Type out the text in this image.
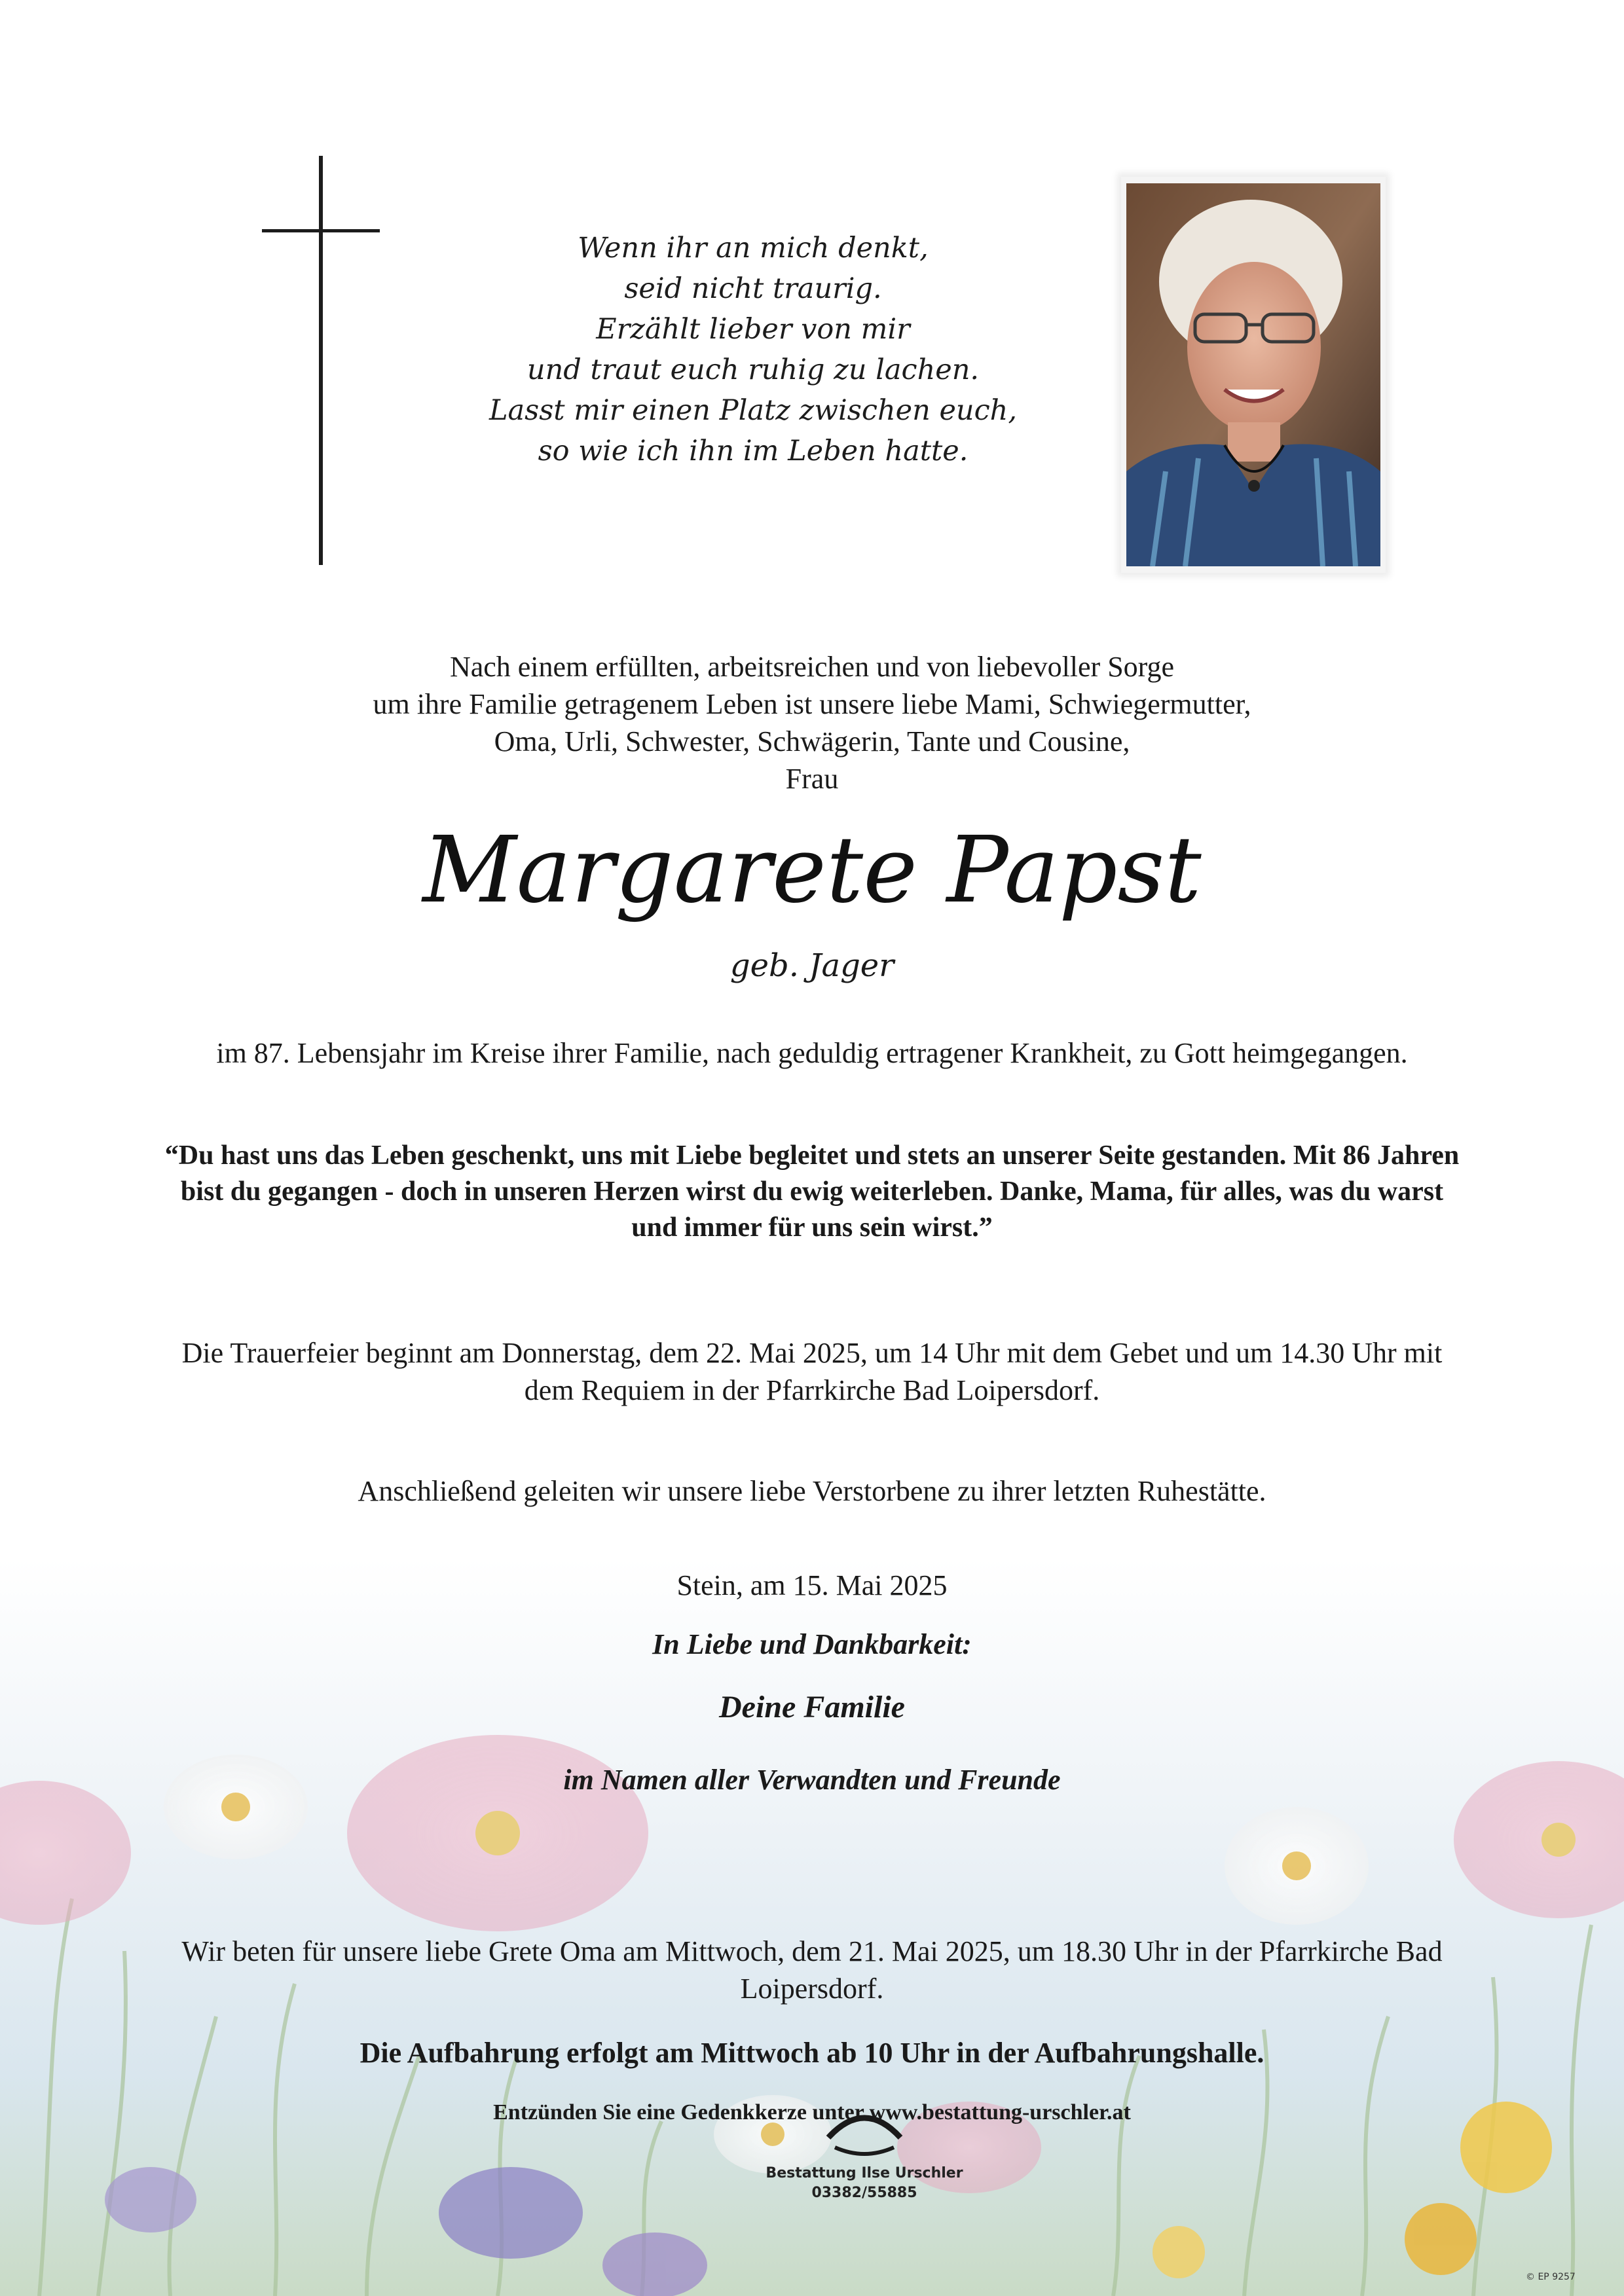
Wenn ihr an mich denkt,
seid nicht traurig.
Erzählt lieber von mir
und traut euch ruhig zu lachen.
Lasst mir einen Platz zwischen euch,
so wie ich ihn im Leben hatte.
Nach einem erfüllten, arbeitsreichen und von liebevoller Sorge
um ihre Familie getragenem Leben ist unsere liebe Mami, Schwiegermutter,
Oma, Urli, Schwester, Schwägerin, Tante und Cousine,
Frau
Margarete Papst
geb. Jager
im 87. Lebensjahr im Kreise ihrer Familie, nach geduldig ertragener Krankheit, zu Gott heimgegangen.
“Du hast uns das Leben geschenkt, uns mit Liebe begleitet und stets an unserer Seite gestanden. Mit 86 Jahren bist du gegangen - doch in unseren Herzen wirst du ewig weiterleben. Danke, Mama, für alles, was du warst und immer für uns sein wirst.”
Die Trauerfeier beginnt am Donnerstag, dem 22. Mai 2025, um 14 Uhr mit dem Gebet und um 14.30 Uhr mit dem Requiem in der Pfarrkirche Bad Loipersdorf.
Anschließend geleiten wir unsere liebe Verstorbene zu ihrer letzten Ruhestätte.
Stein, am 15. Mai 2025
In Liebe und Dankbarkeit:
Deine Familie
im Namen aller Verwandten und Freunde
Wir beten für unsere liebe Grete Oma am Mittwoch, dem 21. Mai 2025, um 18.30 Uhr in der Pfarrkirche Bad Loipersdorf.
Die Aufbahrung erfolgt am Mittwoch ab 10 Uhr in der Aufbahrungshalle.
Entzünden Sie eine Gedenkkerze unter www.bestattung-urschler.at
Bestattung Ilse Urschler
03382/55885
© EP 9257
